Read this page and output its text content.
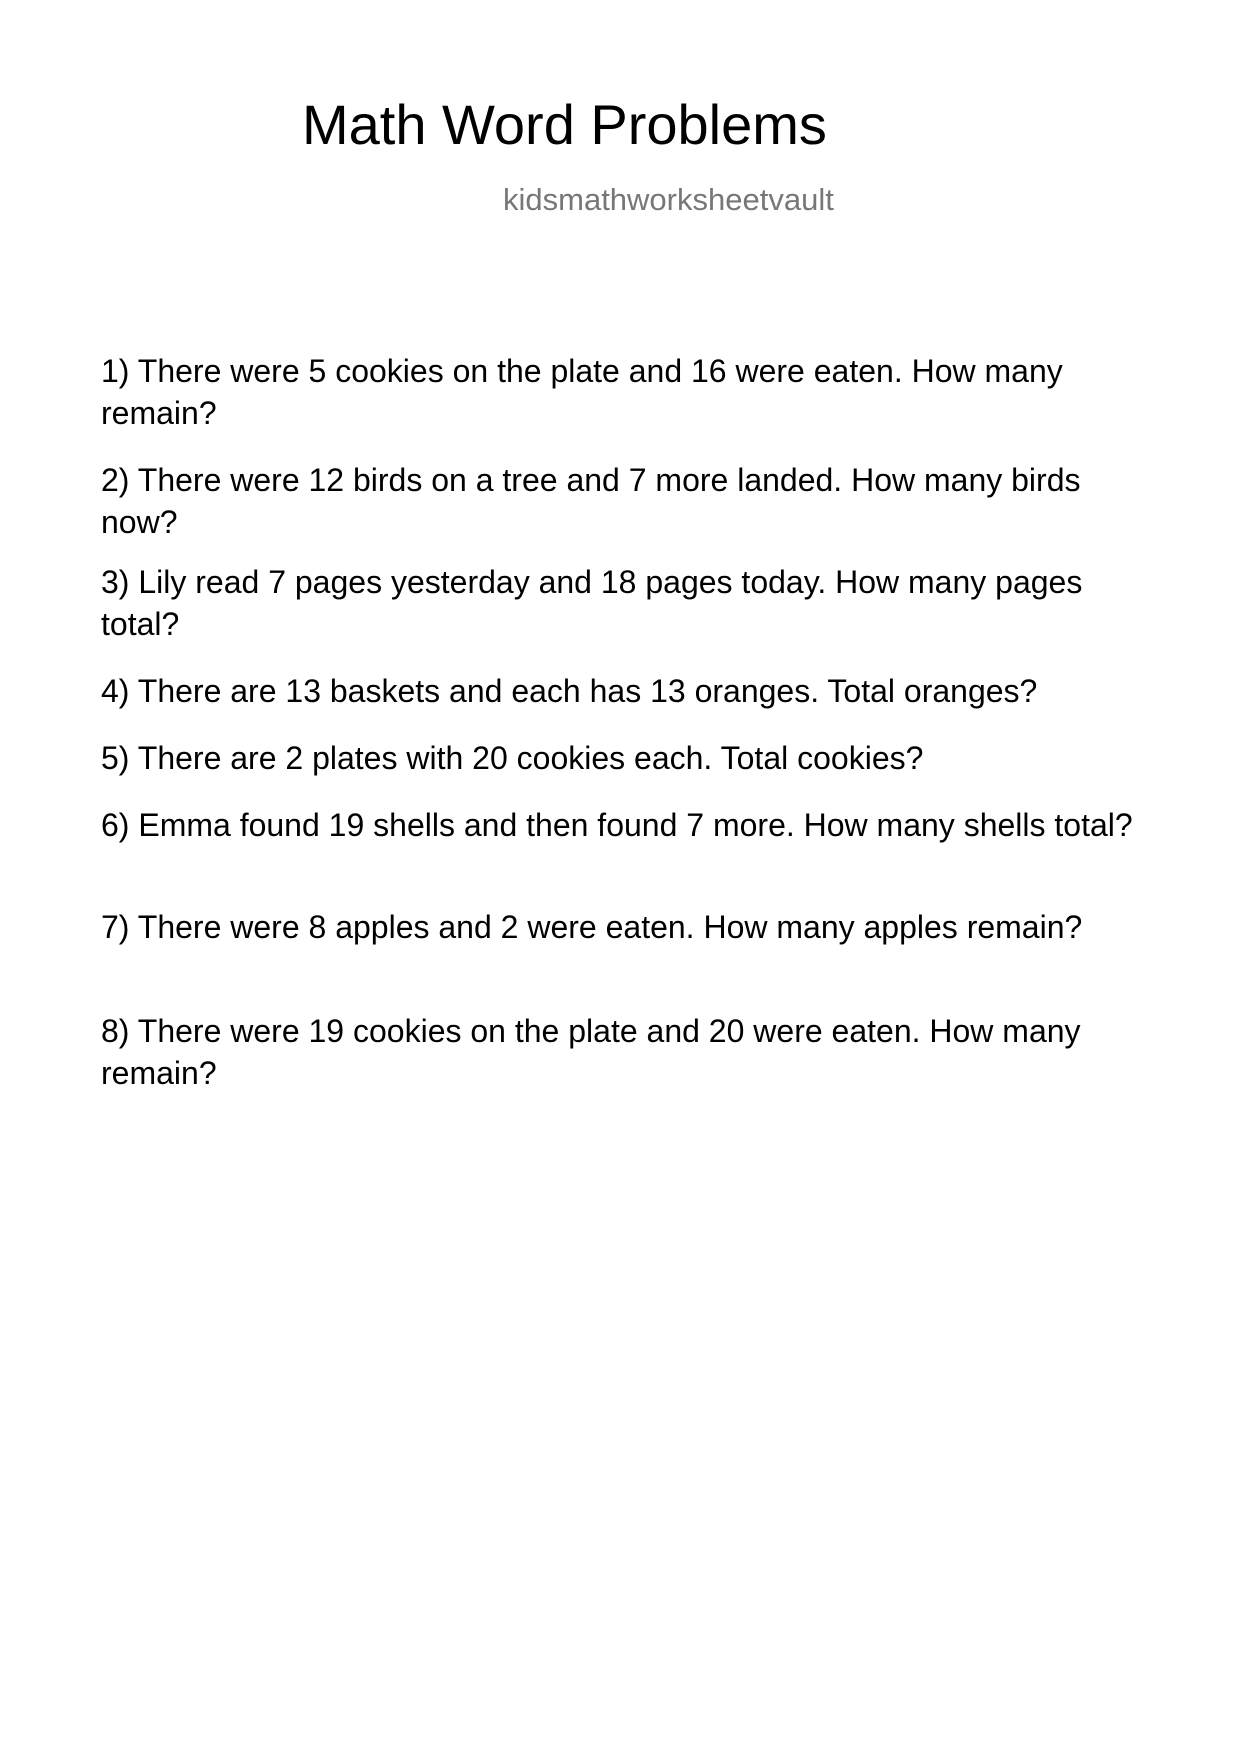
Math Word Problems
kidsmathworksheetvault

1) There were 5 cookies on the plate and 16 were eaten. How many remain?

2) There were 12 birds on a tree and 7 more landed. How many birds now?

3) Lily read 7 pages yesterday and 18 pages today. How many pages total?

4) There are 13 baskets and each has 13 oranges. Total oranges?

5) There are 2 plates with 20 cookies each. Total cookies?

6) Emma found 19 shells and then found 7 more. How many shells total?

7) There were 8 apples and 2 were eaten. How many apples remain?

8) There were 19 cookies on the plate and 20 were eaten. How many remain?
